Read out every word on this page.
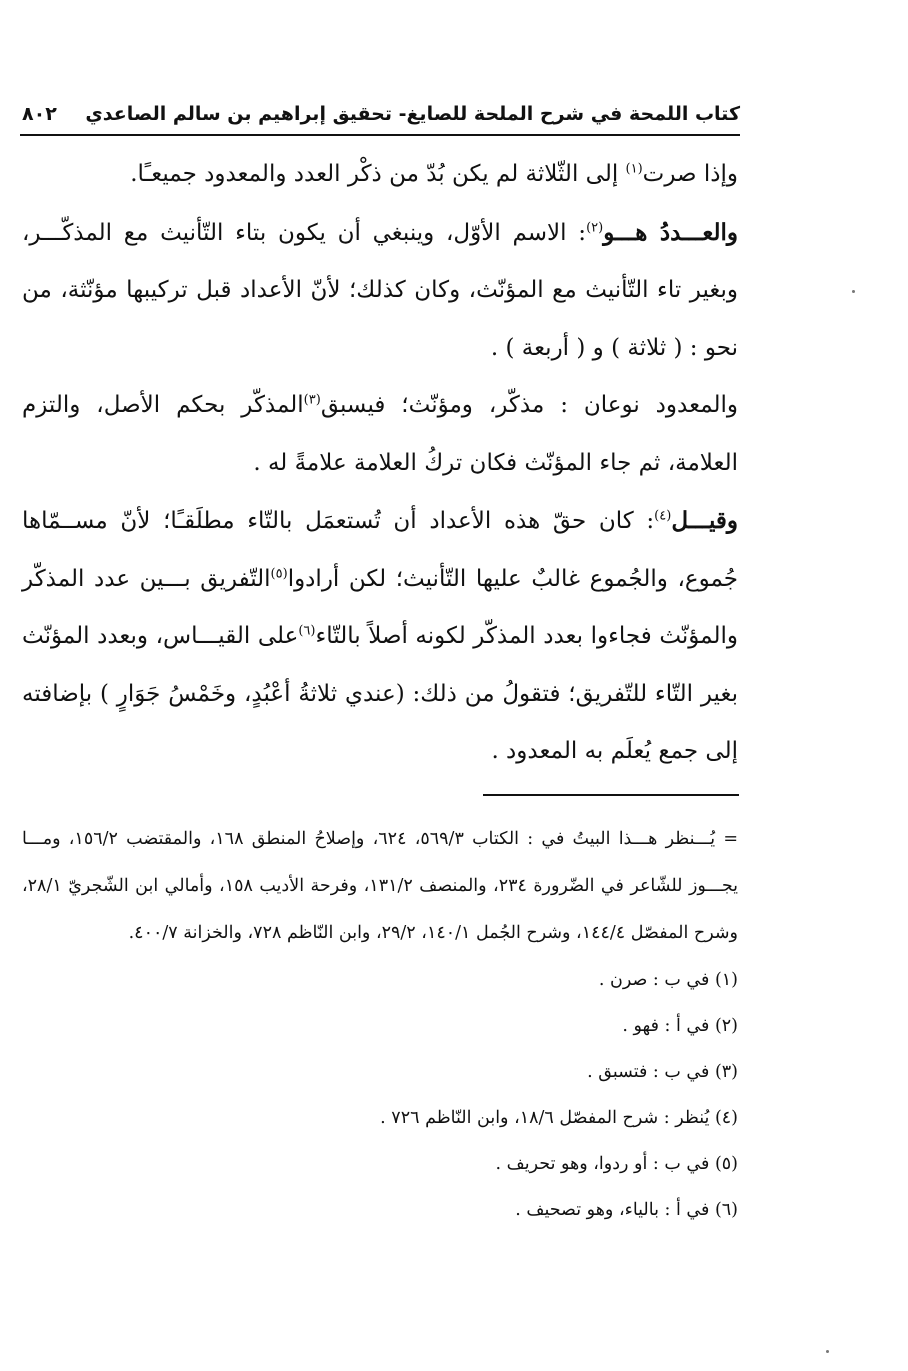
كتاب اللمحة في شرح الملحة للصايغ- تحقيق إبراهيم بن سالم الصاعدي
٨٠٢

وإذا صرت$^{(١)}$ إلى الثّلاثة لم يكن بُدّ من ذكْر العدد والمعدود جميعـًا.

والعـــددُ هـــو$^{(٢)}$: الاسم الأوّل، وينبغي أن يكون بتاء التّأنيث مع المذكّـــر، وبغير تاء التّأنيث مع المؤنّث، وكان كذلك؛ لأنّ الأعداد قبل تركيبها مؤنّثة، من نحو : ( ثلاثة ) و ( أربعة ) .

والمعدود نوعان : مذكّر، ومؤنّث؛ فيسبق$^{(٣)}$المذكّر بحكم الأصل، والتزم العلامة، ثم جاء المؤنّث فكان تركُ العلامة علامةً له .

وقيـــل$^{(٤)}$: كان حقّ هذه الأعداد أن تُستعمَل بالتّاء مطلَقـًا؛ لأنّ مســمّاها جُموع، والجُموع غالبٌ عليها التّأنيث؛ لكن أرادوا$^{(٥)}$التّفريق بـــين عدد المذكّر والمؤنّث فجاءوا بعدد المذكّر لكونه أصلاً بالتّاء$^{(٦)}$على القيـــاس، وبعدد المؤنّث بغير التّاء للتّفريق؛ فتقولُ من ذلك: (عندي ثلاثةُ أعْبُدٍ، وخَمْسُ جَوَارٍ ) بإضافته إلى جمع يُعلَم به المعدود .

= يُـــنظر هـــذا البيتُ في : الكتاب ٥٦٩/٣، ٦٢٤، وإصلاحُ المنطق ١٦٨، والمقتضب ١٥٦/٢، ومـــا يجـــوز للشّاعر في الضّرورة ٢٣٤، والمنصف ١٣١/٢، وفرحة الأديب ١٥٨، وأمالي ابن الشّجريّ ٢٨/١، وشرح المفصّل ١٤٤/٤، وشرح الجُمل ١٤٠/١، ٢٩/٢، وابن النّاظم ٧٢٨، والخزانة ٤٠٠/٧.

(١) في ب : صرن .

(٢) في أ : فهو .

(٣) في ب : فتسبق .

(٤) يُنظر : شرح المفصّل ١٨/٦، وابن النّاظم ٧٢٦ .

(٥) في ب : أو ردوا، وهو تحريف .

(٦) في أ : بالياء، وهو تصحيف .
